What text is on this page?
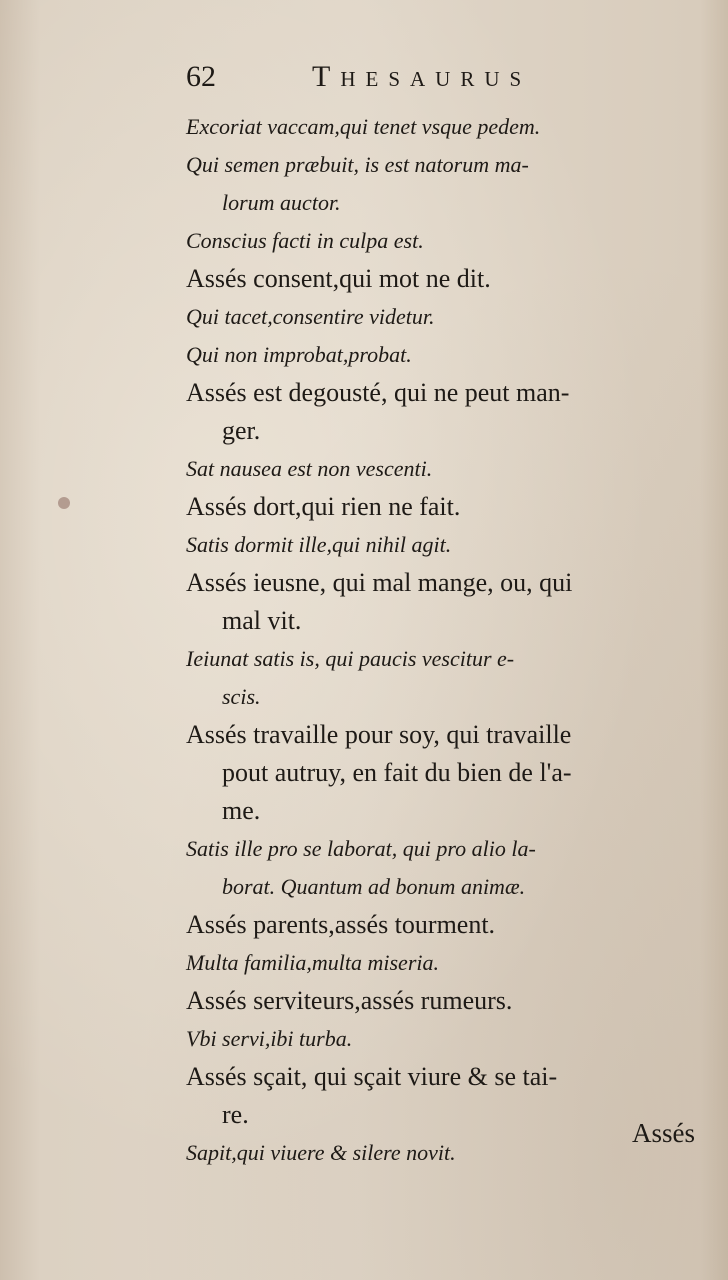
62	Thesaurus

Excoriat vaccam,qui tenet vsque pedem.

Qui semen præbuit, is est natorum ma-

lorum auctor.

Conscius facti in culpa est.

Assés consent,qui mot ne dit.

Qui tacet,consentire videtur.

Qui non improbat,probat.

Assés est degousté, qui ne peut man-

ger.

Sat nausea est non vescenti.

Assés dort,qui rien ne fait.

Satis dormit ille,qui nihil agit.

Assés ieusne, qui mal mange, ou, qui

mal vit.

Ieiunat satis is, qui paucis vescitur e-

scis.

Assés travaille pour soy, qui travaille

pout autruy, en fait du bien de l'a-

me.

Satis ille pro se laborat, qui pro alio la-

borat. Quantum ad bonum animæ.

Assés parents,assés tourment.

Multa familia,multa miseria.

Assés serviteurs,assés rumeurs.

Vbi servi,ibi turba.

Assés sçait, qui sçait viure & se tai-

re.

Sapit,qui viuere & silere novit.

Assés
